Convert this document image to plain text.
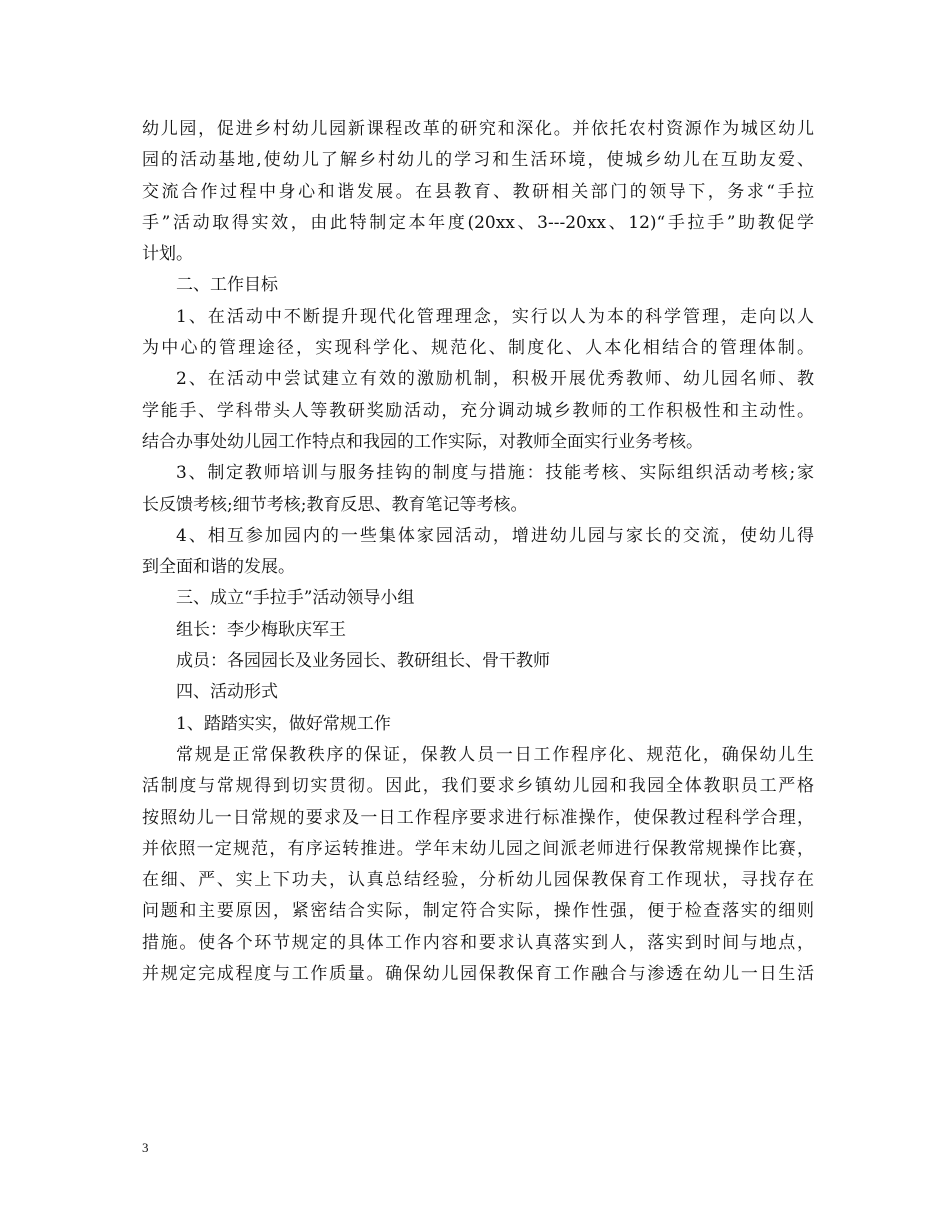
幼儿园，促进乡村幼儿园新课程改革的研究和深化。并依托农村资源作为城区幼儿
园的活动基地,使幼儿了解乡村幼儿的学习和生活环境，使城乡幼儿在互助友爱、
交流合作过程中身心和谐发展。在县教育、教研相关部门的领导下，务求“手拉
手”活动取得实效，由此特制定本年度(20xx、3---20xx、12)“手拉手”助教促学
计划。
二、工作目标
1、在活动中不断提升现代化管理理念，实行以人为本的科学管理，走向以人
为中心的管理途径，实现科学化、规范化、制度化、人本化相结合的管理体制。
2、在活动中尝试建立有效的激励机制，积极开展优秀教师、幼儿园名师、教
学能手、学科带头人等教研奖励活动，充分调动城乡教师的工作积极性和主动性。
结合办事处幼儿园工作特点和我园的工作实际，对教师全面实行业务考核。
3、制定教师培训与服务挂钩的制度与措施：技能考核、实际组织活动考核;家
长反馈考核;细节考核;教育反思、教育笔记等考核。
4、相互参加园内的一些集体家园活动，增进幼儿园与家长的交流，使幼儿得
到全面和谐的发展。
三、成立“手拉手”活动领导小组
组长：李少梅耿庆军王
成员：各园园长及业务园长、教研组长、骨干教师
四、活动形式
1、踏踏实实，做好常规工作
常规是正常保教秩序的保证，保教人员一日工作程序化、规范化，确保幼儿生
活制度与常规得到切实贯彻。因此，我们要求乡镇幼儿园和我园全体教职员工严格
按照幼儿一日常规的要求及一日工作程序要求进行标准操作，使保教过程科学合理，
并依照一定规范，有序运转推进。学年末幼儿园之间派老师进行保教常规操作比赛，
在细、严、实上下功夫，认真总结经验，分析幼儿园保教保育工作现状，寻找存在
问题和主要原因，紧密结合实际，制定符合实际，操作性强，便于检查落实的细则
措施。使各个环节规定的具体工作内容和要求认真落实到人，落实到时间与地点，
并规定完成程度与工作质量。确保幼儿园保教保育工作融合与渗透在幼儿一日生活
3
